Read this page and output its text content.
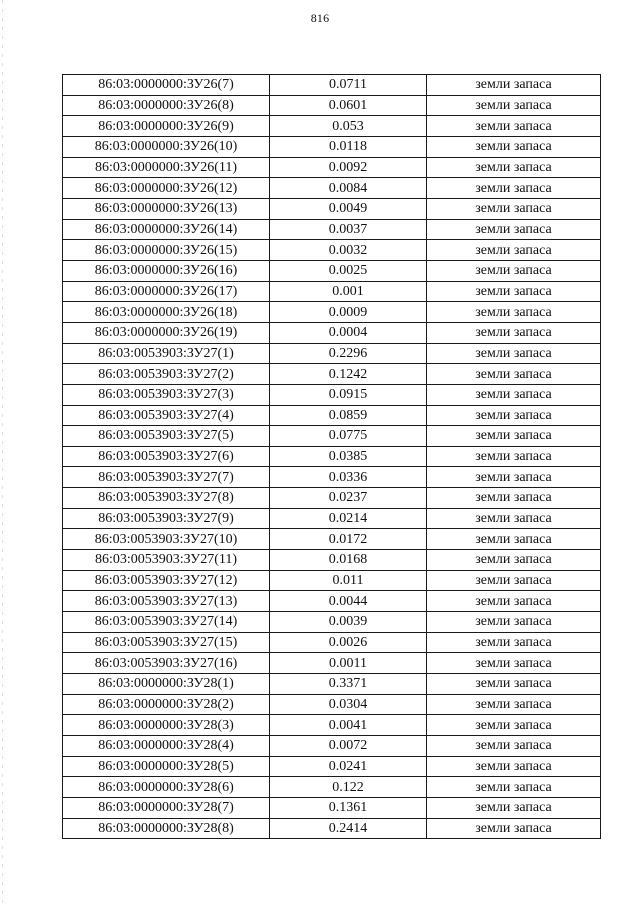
816
86:03:0000000:ЗУ26(7)	0.0711	земли запаса
86:03:0000000:ЗУ26(8)	0.0601	земли запаса
86:03:0000000:ЗУ26(9)	0.053	земли запаса
86:03:0000000:ЗУ26(10)	0.0118	земли запаса
86:03:0000000:ЗУ26(11)	0.0092	земли запаса
86:03:0000000:ЗУ26(12)	0.0084	земли запаса
86:03:0000000:ЗУ26(13)	0.0049	земли запаса
86:03:0000000:ЗУ26(14)	0.0037	земли запаса
86:03:0000000:ЗУ26(15)	0.0032	земли запаса
86:03:0000000:ЗУ26(16)	0.0025	земли запаса
86:03:0000000:ЗУ26(17)	0.001	земли запаса
86:03:0000000:ЗУ26(18)	0.0009	земли запаса
86:03:0000000:ЗУ26(19)	0.0004	земли запаса
86:03:0053903:ЗУ27(1)	0.2296	земли запаса
86:03:0053903:ЗУ27(2)	0.1242	земли запаса
86:03:0053903:ЗУ27(3)	0.0915	земли запаса
86:03:0053903:ЗУ27(4)	0.0859	земли запаса
86:03:0053903:ЗУ27(5)	0.0775	земли запаса
86:03:0053903:ЗУ27(6)	0.0385	земли запаса
86:03:0053903:ЗУ27(7)	0.0336	земли запаса
86:03:0053903:ЗУ27(8)	0.0237	земли запаса
86:03:0053903:ЗУ27(9)	0.0214	земли запаса
86:03:0053903:ЗУ27(10)	0.0172	земли запаса
86:03:0053903:ЗУ27(11)	0.0168	земли запаса
86:03:0053903:ЗУ27(12)	0.011	земли запаса
86:03:0053903:ЗУ27(13)	0.0044	земли запаса
86:03:0053903:ЗУ27(14)	0.0039	земли запаса
86:03:0053903:ЗУ27(15)	0.0026	земли запаса
86:03:0053903:ЗУ27(16)	0.0011	земли запаса
86:03:0000000:ЗУ28(1)	0.3371	земли запаса
86:03:0000000:ЗУ28(2)	0.0304	земли запаса
86:03:0000000:ЗУ28(3)	0.0041	земли запаса
86:03:0000000:ЗУ28(4)	0.0072	земли запаса
86:03:0000000:ЗУ28(5)	0.0241	земли запаса
86:03:0000000:ЗУ28(6)	0.122	земли запаса
86:03:0000000:ЗУ28(7)	0.1361	земли запаса
86:03:0000000:ЗУ28(8)	0.2414	земли запаса
